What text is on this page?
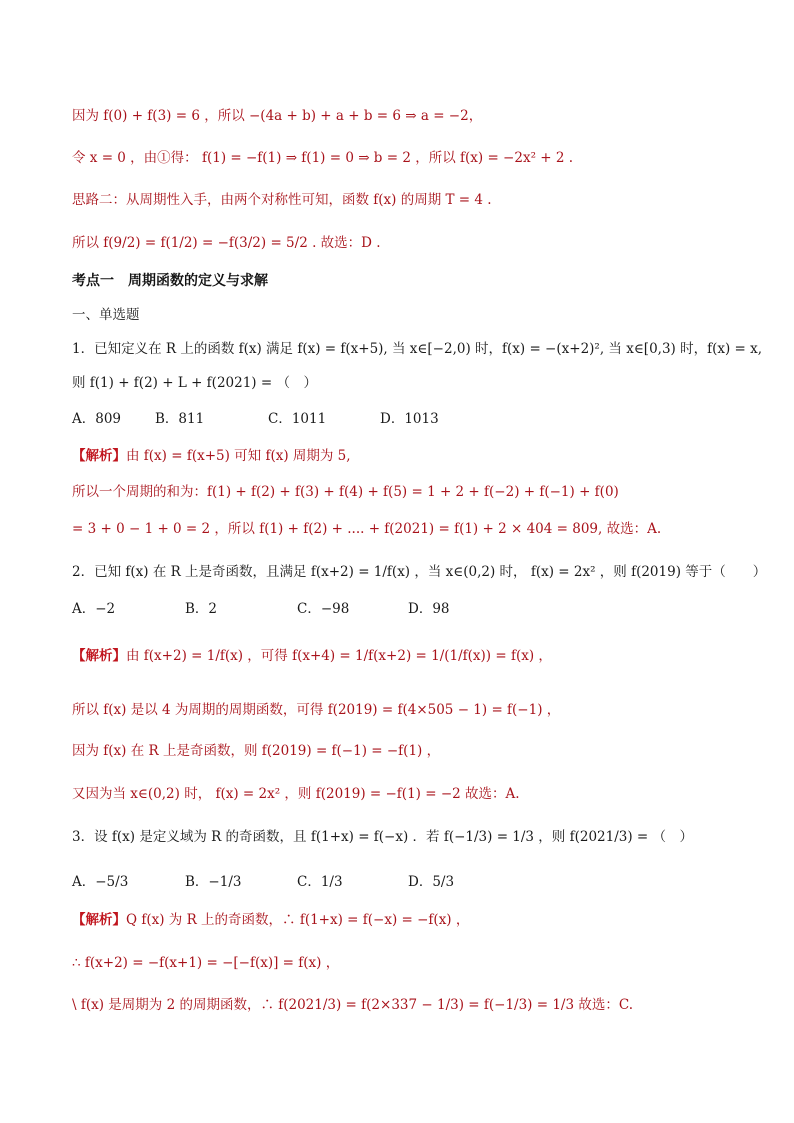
因为 f(0) + f(3) = 6 ，所以 −(4a + b) + a + b = 6 ⇒ a = −2，
令 x = 0 ，由①得： f(1) = −f(1) ⇒ f(1) = 0 ⇒ b = 2 ，所以 f(x) = −2x² + 2 .
思路二：从周期性入手，由两个对称性可知，函数 f(x) 的周期 T = 4 .
所以 f(9/2) = f(1/2) = −f(3/2) = 5/2 . 故选：D .
考点一　周期函数的定义与求解
一、单选题
1．已知定义在 R 上的函数 f(x) 满足 f(x) = f(x+5), 当 x∈[−2,0) 时，f(x) = −(x+2)², 当 x∈[0,3) 时，f(x) = x,
则 f(1) + f(2) + L + f(2021) = （　）
A．809	B．811	C．1011	D．1013
【解析】由 f(x) = f(x+5) 可知 f(x) 周期为 5,
所以一个周期的和为：f(1) + f(2) + f(3) + f(4) + f(5) = 1 + 2 + f(−2) + f(−1) + f(0)
= 3 + 0 − 1 + 0 = 2 ，所以 f(1) + f(2) + .... + f(2021) = f(1) + 2 × 404 = 809, 故选：A.
2．已知 f(x) 在 R 上是奇函数，且满足 f(x+2) = 1/f(x) ，当 x∈(0,2) 时， f(x) = 2x² ，则 f(2019) 等于（　　）
A．−2	B．2	C．−98	D．98
【解析】由 f(x+2) = 1/f(x) ，可得 f(x+4) = 1/f(x+2) = 1/(1/f(x)) = f(x) ，
所以 f(x) 是以 4 为周期的周期函数，可得 f(2019) = f(4×505 − 1) = f(−1) ，
因为 f(x) 在 R 上是奇函数，则 f(2019) = f(−1) = −f(1) ，
又因为当 x∈(0,2) 时， f(x) = 2x² ，则 f(2019) = −f(1) = −2 故选：A.
3．设 f(x) 是定义域为 R 的奇函数，且 f(1+x) = f(−x) ．若 f(−1/3) = 1/3 ，则 f(2021/3) = （　）
A．−5/3	B．−1/3	C．1/3	D．5/3
【解析】Q f(x) 为 R 上的奇函数，∴ f(1+x) = f(−x) = −f(x) ，
∴ f(x+2) = −f(x+1) = −[−f(x)] = f(x) ，
\ f(x) 是周期为 2 的周期函数，∴ f(2021/3) = f(2×337 − 1/3) = f(−1/3) = 1/3 故选：C.
